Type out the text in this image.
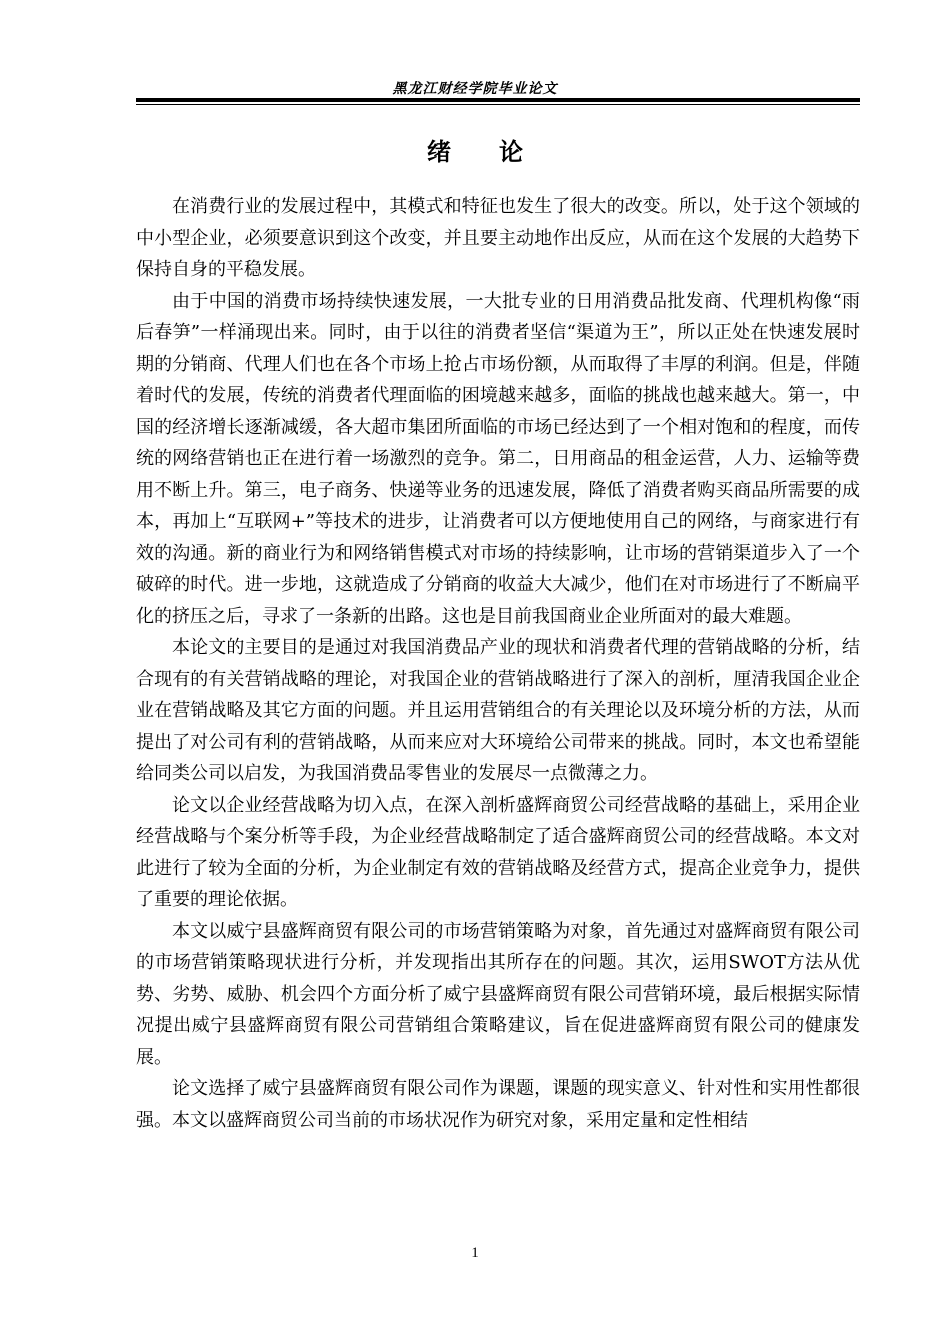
黑龙江财经学院毕业论文
绪论

在消费行业的发展过程中，其模式和特征也发生了很大的改变。所以，处于这个领域的中小型企业，必须要意识到这个改变，并且要主动地作出反应，从而在这个发展的大趋势下保持自身的平稳发展。

由于中国的消费市场持续快速发展，一大批专业的日用消费品批发商、代理机构像“雨后春笋”一样涌现出来。同时，由于以往的消费者坚信“渠道为王”，所以正处在快速发展时期的分销商、代理人们也在各个市场上抢占市场份额，从而取得了丰厚的利润。但是，伴随着时代的发展，传统的消费者代理面临的困境越来越多，面临的挑战也越来越大。第一，中国的经济增长逐渐减缓，各大超市集团所面临的市场已经达到了一个相对饱和的程度，而传统的网络营销也正在进行着一场激烈的竞争。第二，日用商品的租金运营，人力、运输等费用不断上升。第三，电子商务、快递等业务的迅速发展，降低了消费者购买商品所需要的成本，再加上“互联网+”等技术的进步，让消费者可以方便地使用自己的网络，与商家进行有效的沟通。新的商业行为和网络销售模式对市场的持续影响，让市场的营销渠道步入了一个破碎的时代。进一步地，这就造成了分销商的收益大大减少，他们在对市场进行了不断扁平化的挤压之后，寻求了一条新的出路。这也是目前我国商业企业所面对的最大难题。

本论文的主要目的是通过对我国消费品产业的现状和消费者代理的营销战略的分析，结合现有的有关营销战略的理论，对我国企业的营销战略进行了深入的剖析，厘清我国企业企业在营销战略及其它方面的问题。并且运用营销组合的有关理论以及环境分析的方法，从而提出了对公司有利的营销战略，从而来应对大环境给公司带来的挑战。同时，本文也希望能给同类公司以启发，为我国消费品零售业的发展尽一点微薄之力。

论文以企业经营战略为切入点，在深入剖析盛辉商贸公司经营战略的基础上，采用企业经营战略与个案分析等手段，为企业经营战略制定了适合盛辉商贸公司的经营战略。本文对此进行了较为全面的分析，为企业制定有效的营销战略及经营方式，提高企业竞争力，提供了重要的理论依据。

本文以威宁县盛辉商贸有限公司的市场营销策略为对象，首先通过对盛辉商贸有限公司的市场营销策略现状进行分析，并发现指出其所存在的问题。其次，运用SWOT方法从优势、劣势、威胁、机会四个方面分析了威宁县盛辉商贸有限公司营销环境，最后根据实际情况提出威宁县盛辉商贸有限公司营销组合策略建议，旨在促进盛辉商贸有限公司的健康发展。

论文选择了威宁县盛辉商贸有限公司作为课题，课题的现实意义、针对性和实用性都很强。本文以盛辉商贸公司当前的市场状况作为研究对象，采用定量和定性相结

1
